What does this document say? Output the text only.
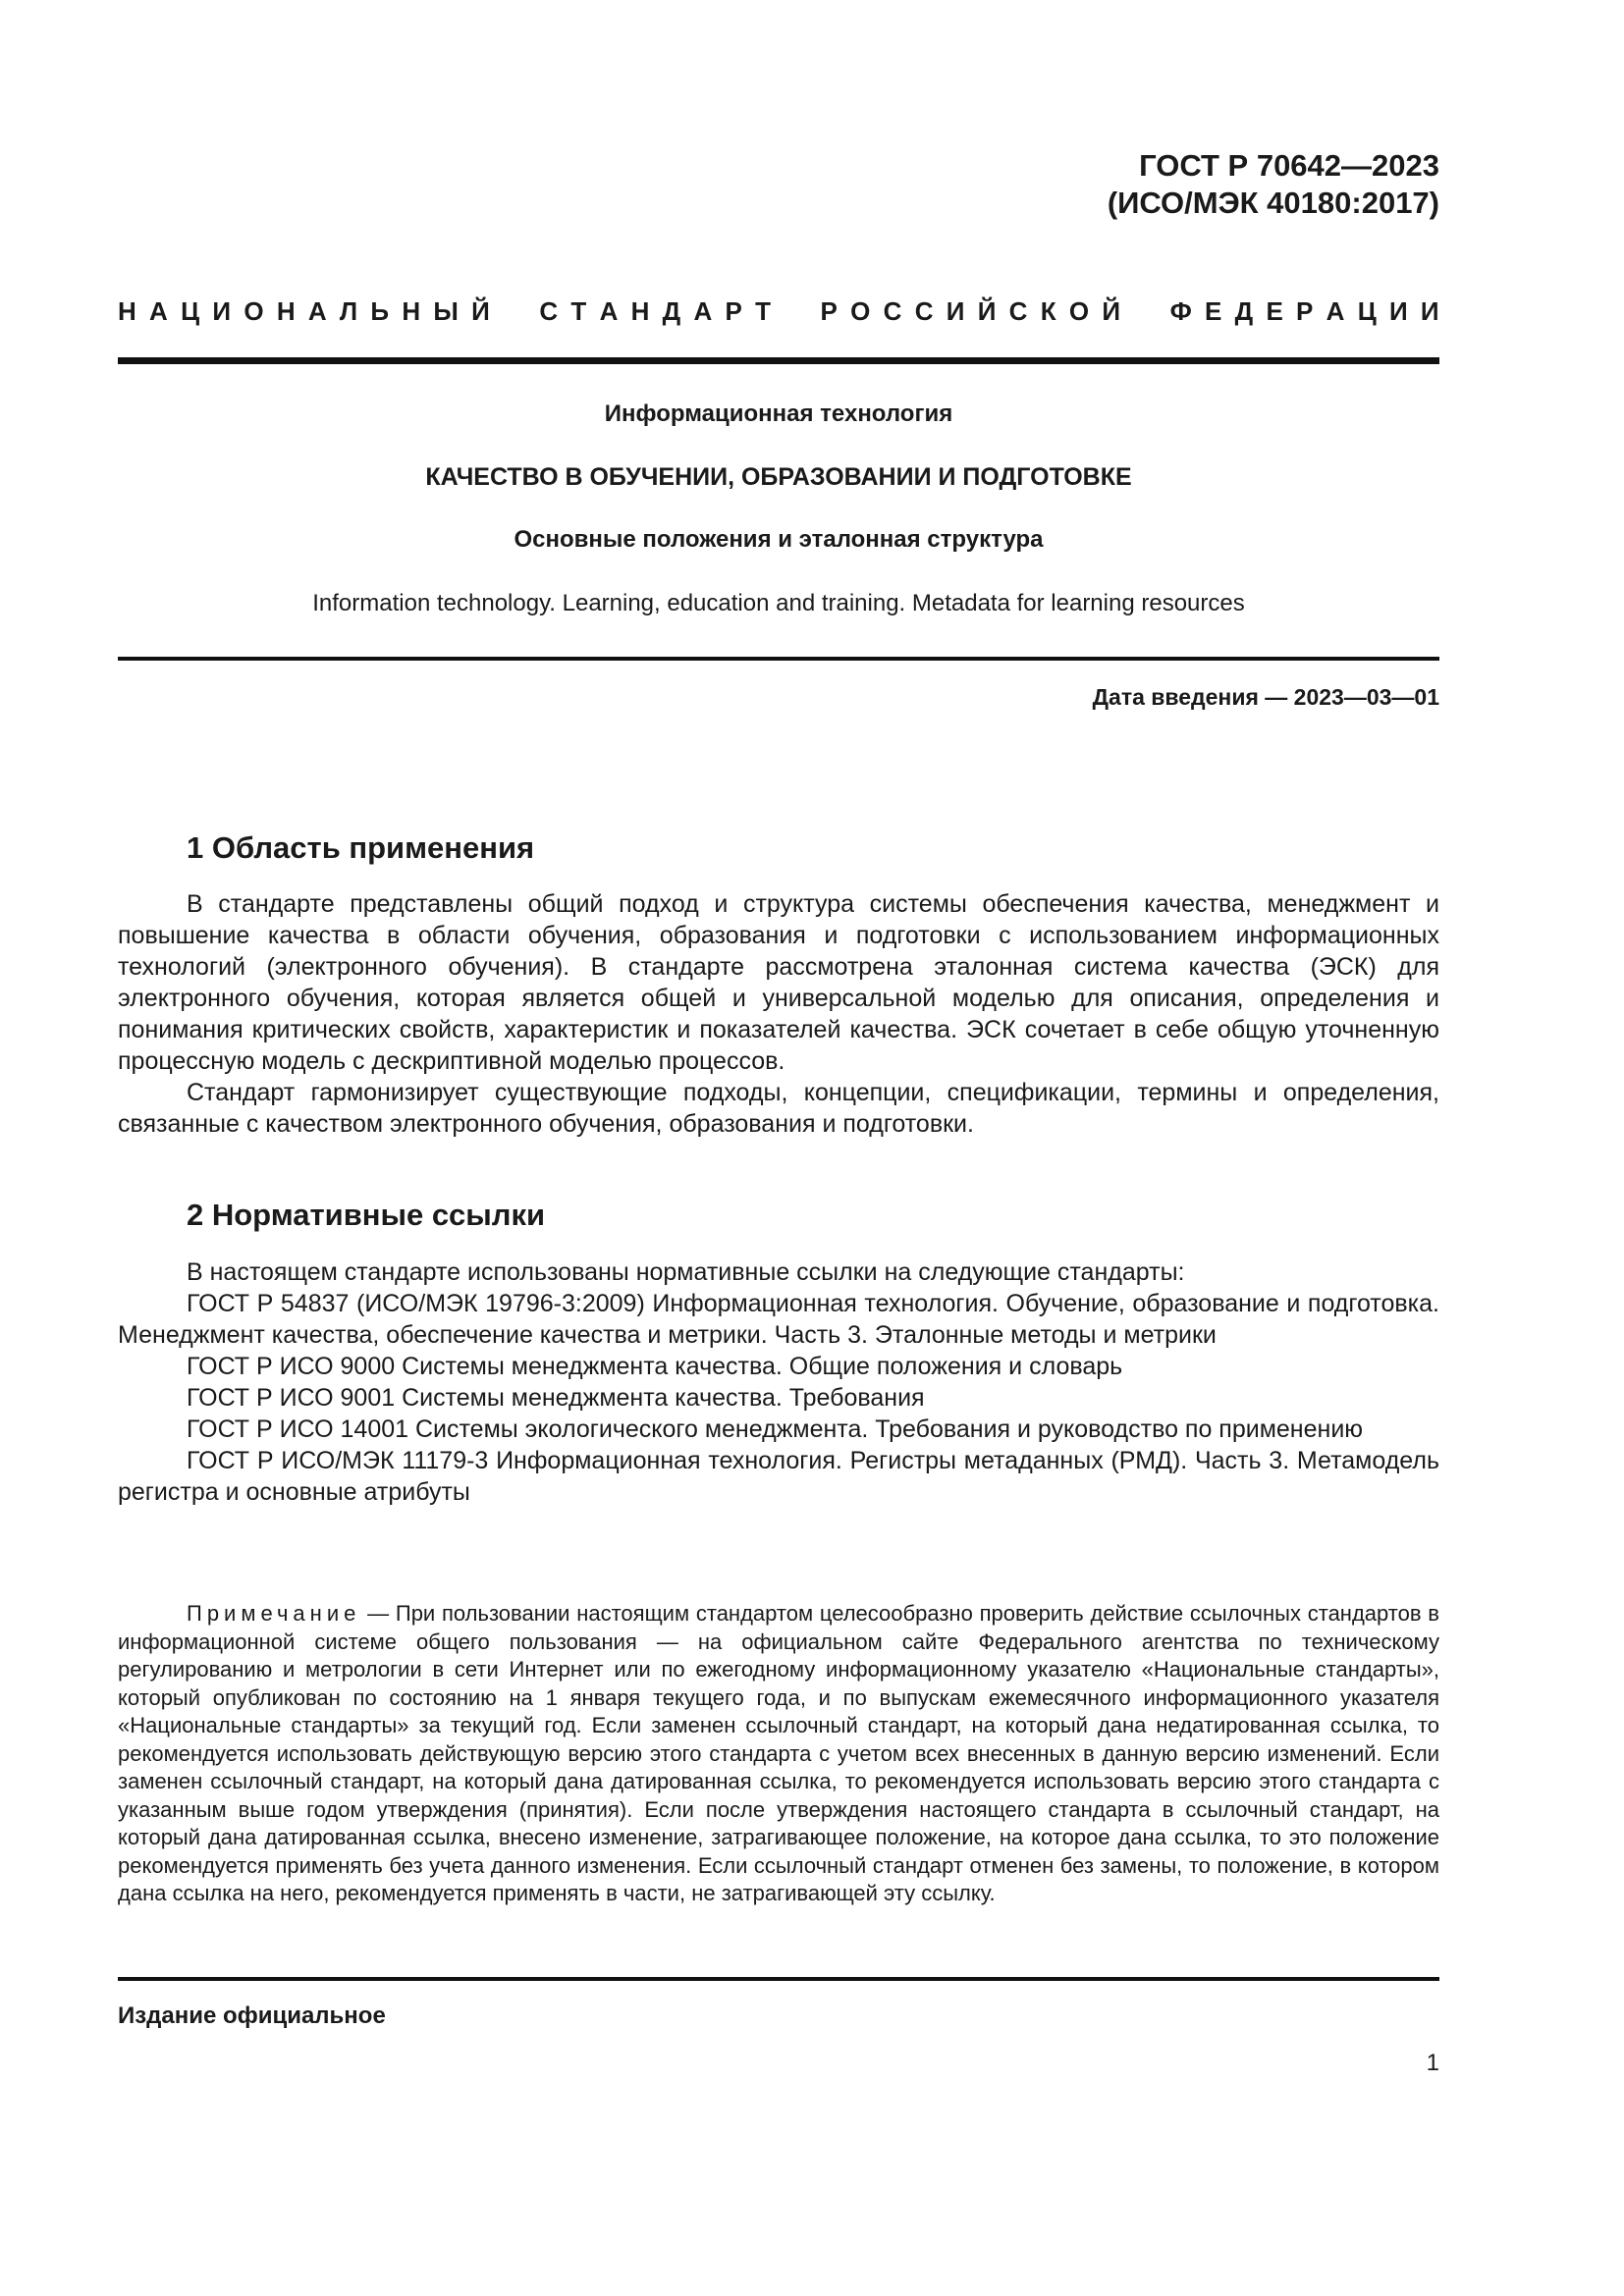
ГОСТ Р 70642—2023
(ИСО/МЭК 40180:2017)
Н А Ц И О Н А Л Ь Н Ы Й
С Т А Н Д А Р Т
Р О С С И Й С К О Й
Ф Е Д Е Р А Ц И И
Информационная технология
КАЧЕСТВО В ОБУЧЕНИИ, ОБРАЗОВАНИИ И ПОДГОТОВКЕ
Основные положения и эталонная структура
Information technology. Learning, education and training. Metadata for learning resources
Дата введения — 2023—03—01
1 Область применения

В стандарте представлены общий подход и структура системы обеспечения качества, менеджмент и повышение качества в области обучения, образования и подготовки с использованием информационных технологий (электронного обучения). В стандарте рассмотрена эталонная система качества (ЭСК) для электронного обучения, которая является общей и универсальной моделью для описания, определения и понимания критических свойств, характеристик и показателей качества. ЭСК сочетает в себе общую уточненную процессную модель с дескриптивной моделью процессов.

Стандарт гармонизирует существующие подходы, концепции, спецификации, термины и определения, связанные с качеством электронного обучения, образования и подготовки.

2 Нормативные ссылки

В настоящем стандарте использованы нормативные ссылки на следующие стандарты:

ГОСТ Р 54837 (ИСО/МЭК 19796-3:2009) Информационная технология. Обучение, образование и подготовка. Менеджмент качества, обеспечение качества и метрики. Часть 3. Эталонные методы и метрики

ГОСТ Р ИСО 9000 Системы менеджмента качества. Общие положения и словарь

ГОСТ Р ИСО 9001 Системы менеджмента качества. Требования

ГОСТ Р ИСО 14001 Системы экологического менеджмента. Требования и руководство по применению

ГОСТ Р ИСО/МЭК 11179-3 Информационная технология. Регистры метаданных (РМД). Часть 3. Метамодель регистра и основные атрибуты

Примечание — При пользовании настоящим стандартом целесообразно проверить действие ссылочных стандартов в информационной системе общего пользования — на официальном сайте Федерального агентства по техническому регулированию и метрологии в сети Интернет или по ежегодному информационному указателю «Национальные стандарты», который опубликован по состоянию на 1 января текущего года, и по выпускам ежемесячного информационного указателя «Национальные стандарты» за текущий год. Если заменен ссылочный стандарт, на который дана недатированная ссылка, то рекомендуется использовать действующую версию этого стандарта с учетом всех внесенных в данную версию изменений. Если заменен ссылочный стандарт, на который дана датированная ссылка, то рекомендуется использовать версию этого стандарта с указанным выше годом утверждения (принятия). Если после утверждения настоящего стандарта в ссылочный стандарт, на который дана датированная ссылка, внесено изменение, затрагивающее положение, на которое дана ссылка, то это положение рекомендуется применять без учета данного изменения. Если ссылочный стандарт отменен без замены, то положение, в котором дана ссылка на него, рекомендуется применять в части, не затрагивающей эту ссылку.

Издание официальное
1
